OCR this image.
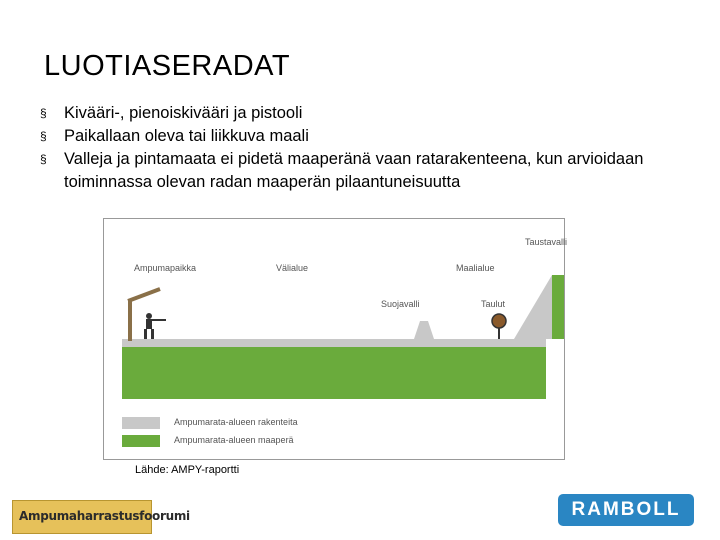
LUOTIASERADAT
§ Kivääri-, pienoiskivääri ja pistooli
§ Paikallaan oleva tai liikkuva maali
§ Valleja ja pintamaata ei pidetä maaperänä vaan ratarakenteena, kun arvioidaan toiminnassa olevan radan maaperän pilaantuneisuutta
Ampumapaikka	Välialue	Maalialue
Taustavalli
Suojavalli	Taulut
Ampumarata-alueen rakenteita
Ampumarata-alueen maaperä
Lähde: AMPY-raportti
Ampumaharrastusfoorumi	RAMBOLL
